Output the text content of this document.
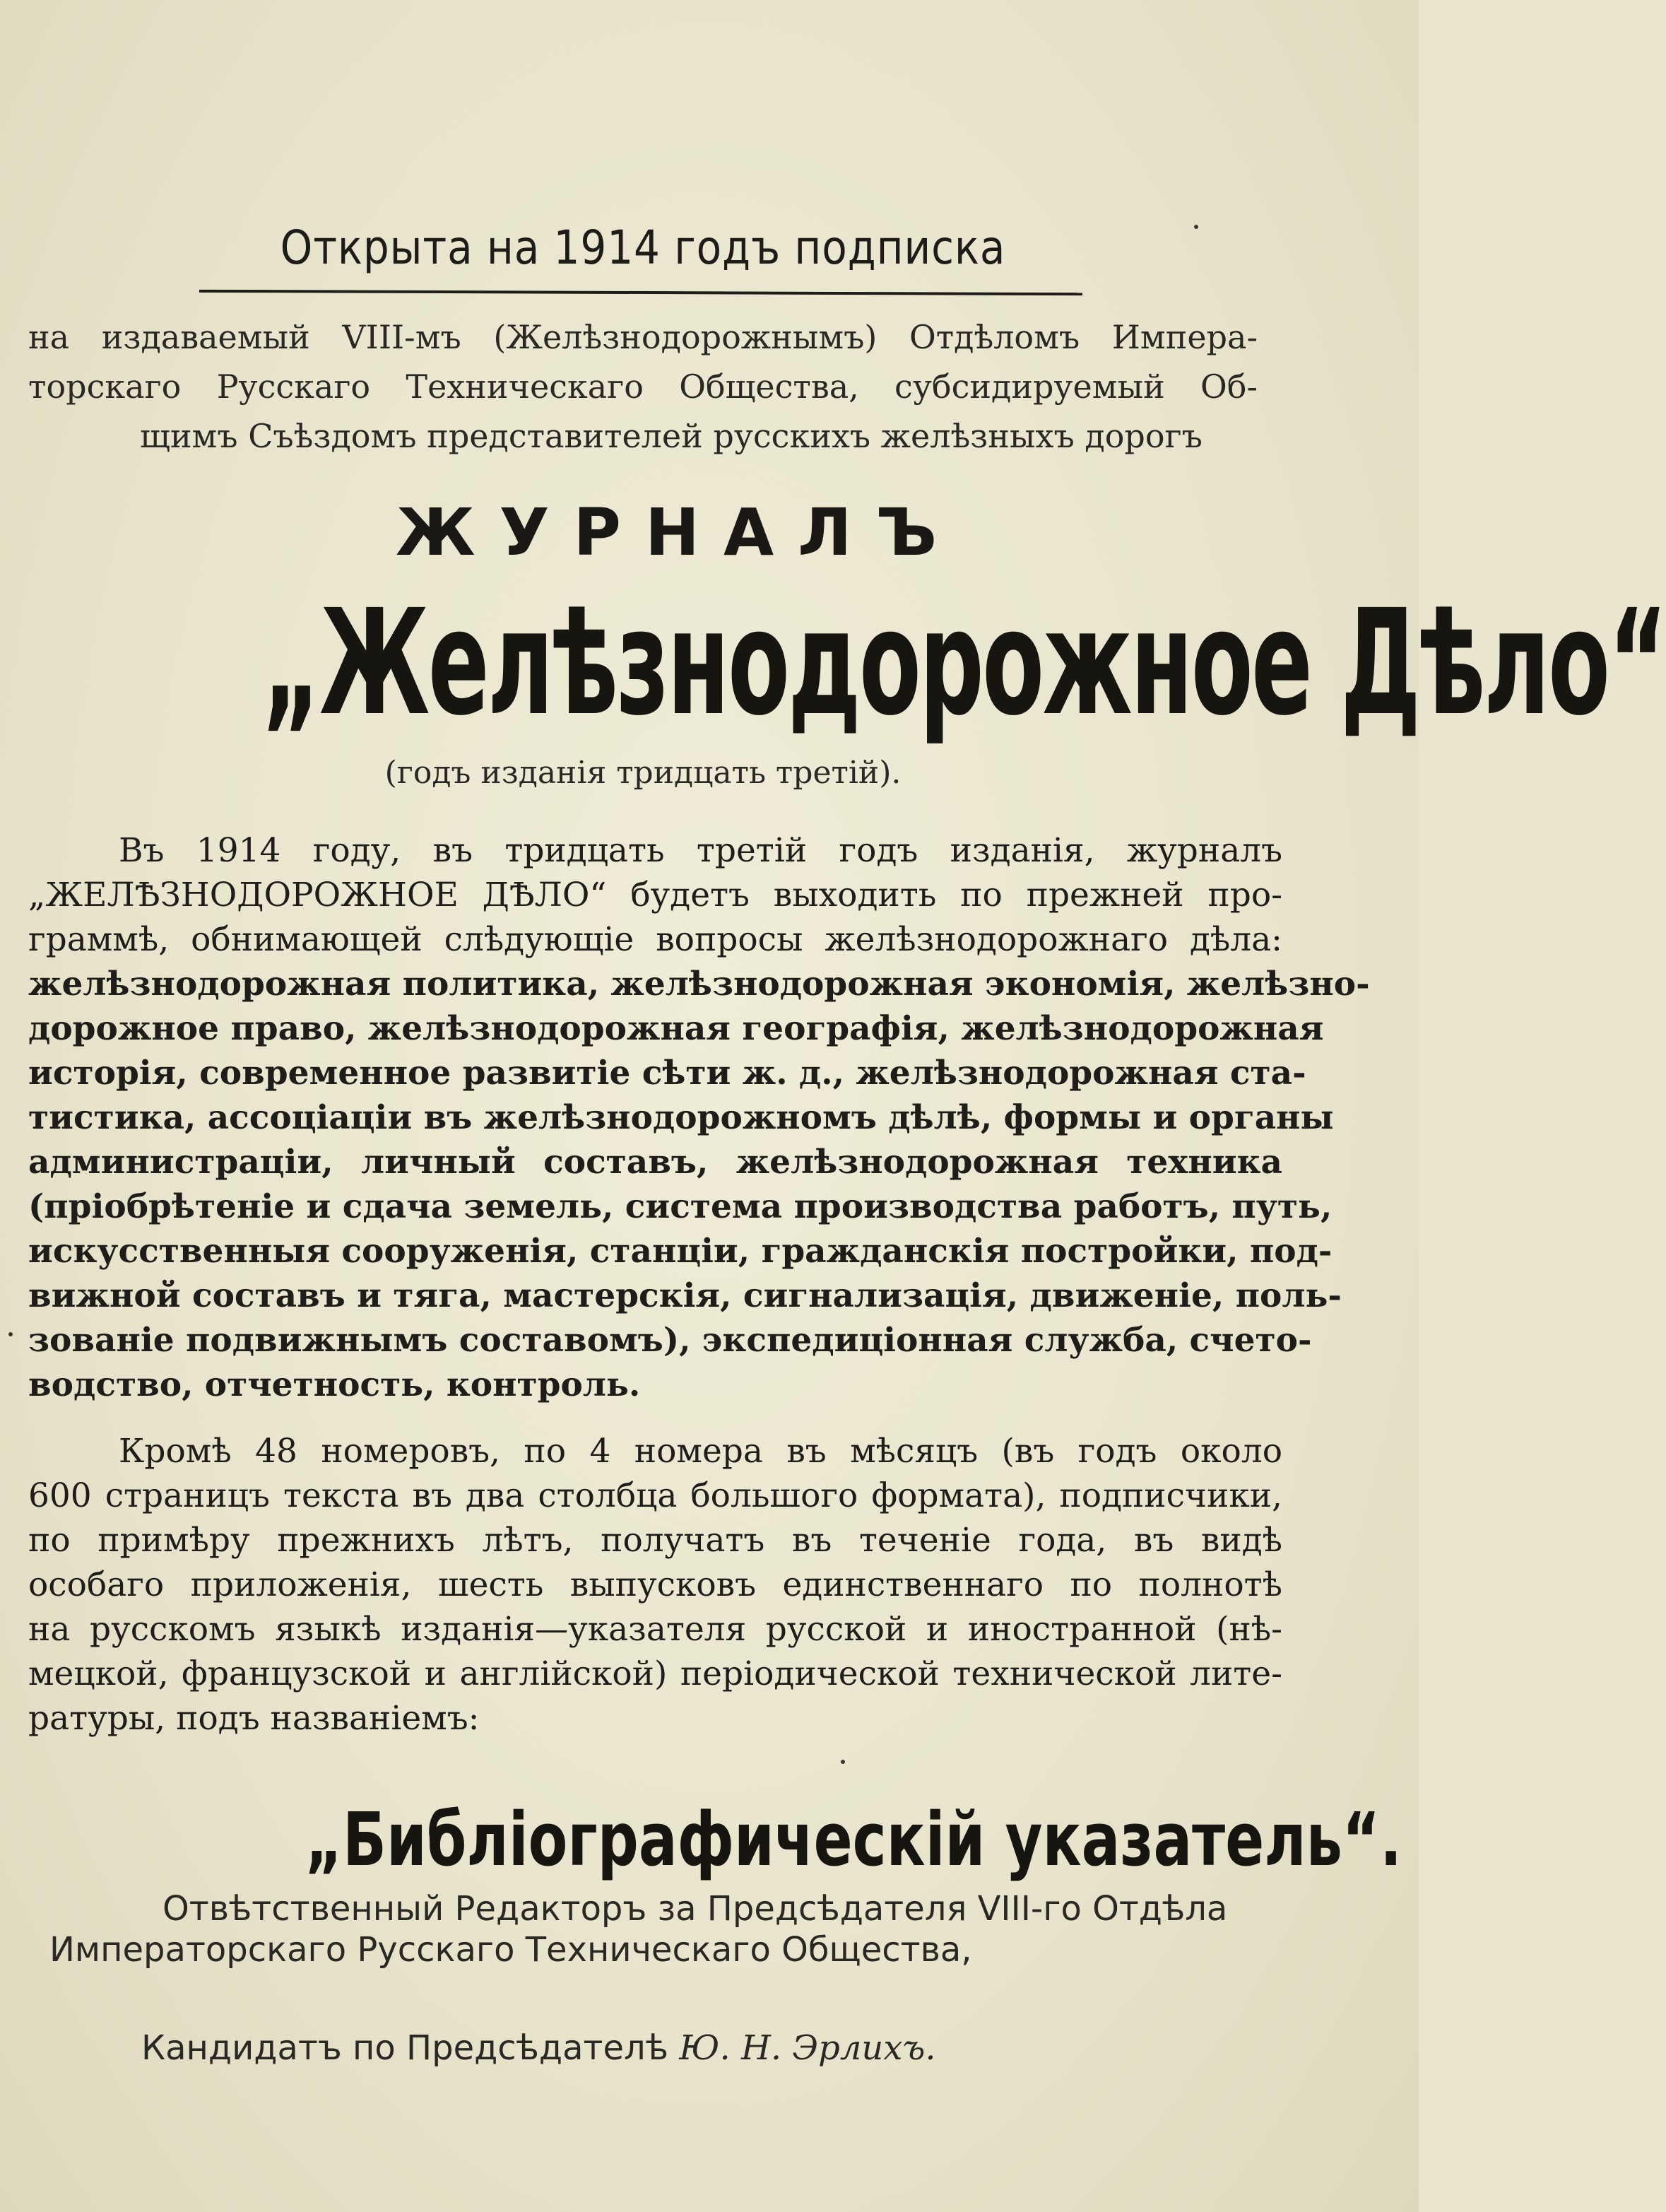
Открыта на 1914 годъ подписка
на издаваемый VIII-мъ (Желѣзнодорожнымъ) Отдѣломъ Импера-
торскаго Русскаго Техническаго Общества, субсидируемый Об-
щимъ Съѣздомъ представителей русскихъ желѣзныхъ дорогъ
ЖУРНАЛЪ
„Желѣзнодорожное Дѣло“
(годъ изданія тридцать третій).
Въ 1914 году, въ тридцать третій годъ изданія, журналъ
„ЖЕЛѢЗНОДОРОЖНОЕ ДѢЛО“ будетъ выходить по прежней про-
граммѣ, обнимающей слѣдующіе вопросы желѣзнодорожнаго дѣла:
желѣзнодорожная политика, желѣзнодорожная экономія, желѣзно-
дорожное право, желѣзнодорожная географія, желѣзнодорожная
исторія, современное развитіе сѣти ж. д., желѣзнодорожная ста-
тистика, ассоціаціи въ желѣзнодорожномъ дѣлѣ, формы и органы
администраціи, личный составъ, желѣзнодорожная техника
(пріобрѣтеніе и сдача земель, система производства работъ, путь,
искусственныя сооруженія, станціи, гражданскія постройки, под-
вижной составъ и тяга, мастерскія, сигнализація, движеніе, поль-
зованіе подвижнымъ составомъ), экспедиціонная служба, счето-
водство, отчетность, контроль.
Кромѣ 48 номеровъ, по 4 номера въ мѣсяцъ (въ годъ около
600 страницъ текста въ два столбца большого формата), подписчики,
по примѣру прежнихъ лѣтъ, получатъ въ теченіе года, въ видѣ
особаго приложенія, шесть выпусковъ единственнаго по полнотѣ
на русскомъ языкѣ изданія—указателя русской и иностранной (нѣ-
мецкой, французской и англійской) періодической технической лите-
ратуры, подъ названіемъ:
„Библіографическій указатель“.
Отвѣтственный Редакторъ за Предсѣдателя VIII-го Отдѣла
Императорскаго Русскаго Техническаго Общества,
Кандидатъ по Предсѣдателѣ Ю. Н. Эрлихъ.
